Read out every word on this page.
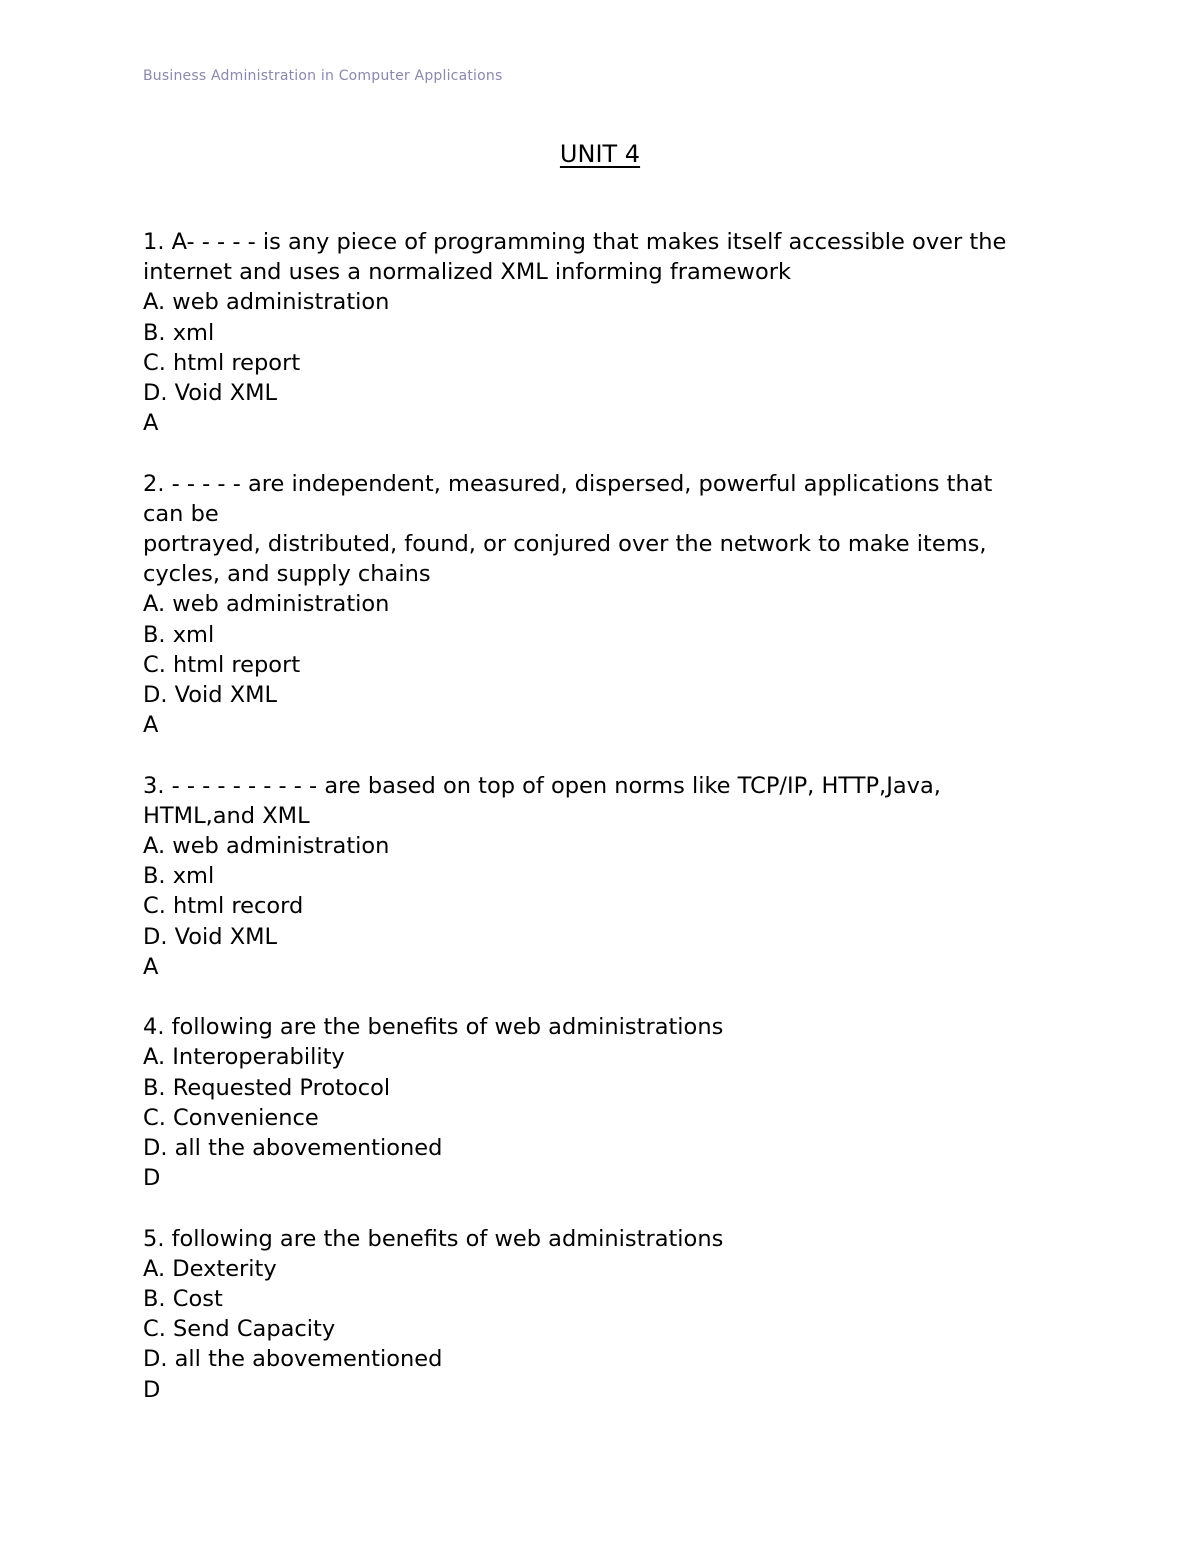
Business Administration in Computer Applications
UNIT 4
1. A- - - - - is any piece of programming that makes itself accessible over the
internet and uses a normalized XML informing framework
A. web administration
B. xml
C. html report
D. Void XML
A
2. - - - - - are independent, measured, dispersed, powerful applications that
can be
portrayed, distributed, found, or conjured over the network to make items,
cycles, and supply chains
A. web administration
B. xml
C. html report
D. Void XML
A
3. - - - - - - - - - - are based on top of open norms like TCP/IP, HTTP,Java,
HTML,and XML
A. web administration
B. xml
C. html record
D. Void XML
A
4. following are the benefits of web administrations
A. Interoperability
B. Requested Protocol
C. Convenience
D. all the abovementioned
D
5. following are the benefits of web administrations
A. Dexterity
B. Cost
C. Send Capacity
D. all the abovementioned
D
